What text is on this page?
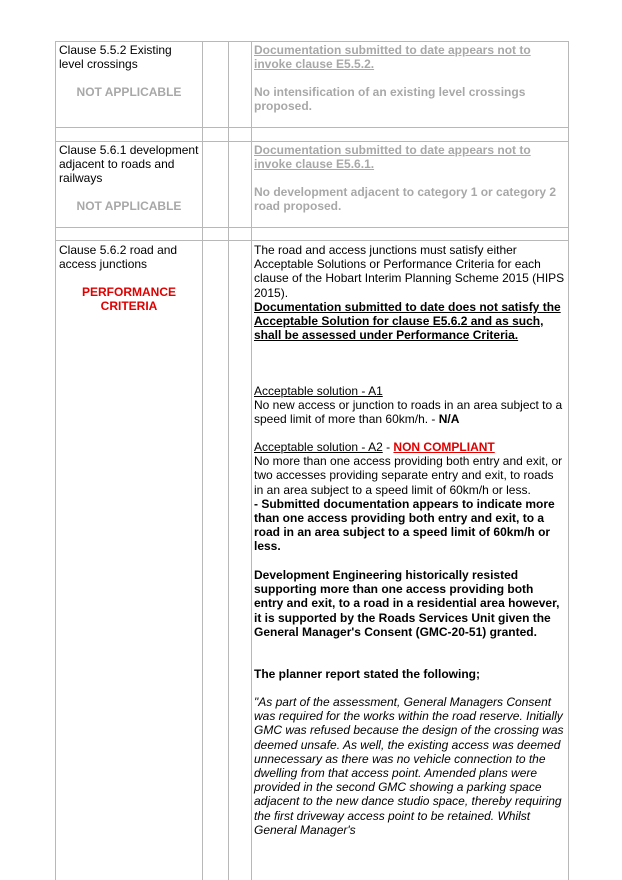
Clause 5.5.2 Existing level crossings
NOT APPLICABLE
Documentation submitted to date appears not to invoke clause E5.5.2.
No intensification of an existing level crossings proposed.
Clause 5.6.1 development adjacent to roads and railways
NOT APPLICABLE
Documentation submitted to date appears not to invoke clause E5.6.1.
No development adjacent to category 1 or category 2 road proposed.
Clause 5.6.2 road and access junctions
PERFORMANCE CRITERIA
The road and access junctions must satisfy either Acceptable Solutions or Performance Criteria for each clause of the Hobart Interim Planning Scheme 2015 (HIPS 2015).
Documentation submitted to date does not satisfy the Acceptable Solution for clause E5.6.2 and as such, shall be assessed under Performance Criteria.
Acceptable solution - A1
No new access or junction to roads in an area subject to a speed limit of more than 60km/h. - N/A
Acceptable solution - A2 - NON COMPLIANT
No more than one access providing both entry and exit, or two accesses providing separate entry and exit, to roads in an area subject to a speed limit of 60km/h or less.
- Submitted documentation appears to indicate more than one access providing both entry and exit, to a road in an area subject to a speed limit of 60km/h or less.
Development Engineering historically resisted supporting more than one access providing both entry and exit, to a road in a residential area however, it is supported by the Roads Services Unit given the General Manager's Consent (GMC-20-51) granted.
The planner report stated the following;
"As part of the assessment, General Managers Consent was required for the works within the road reserve. Initially GMC was refused because the design of the crossing was deemed unsafe. As well, the existing access was deemed unnecessary as there was no vehicle connection to the dwelling from that access point. Amended plans were provided in the second GMC showing a parking space adjacent to the new dance studio space, thereby requiring the first driveway access point to be retained. Whilst General Manager's
